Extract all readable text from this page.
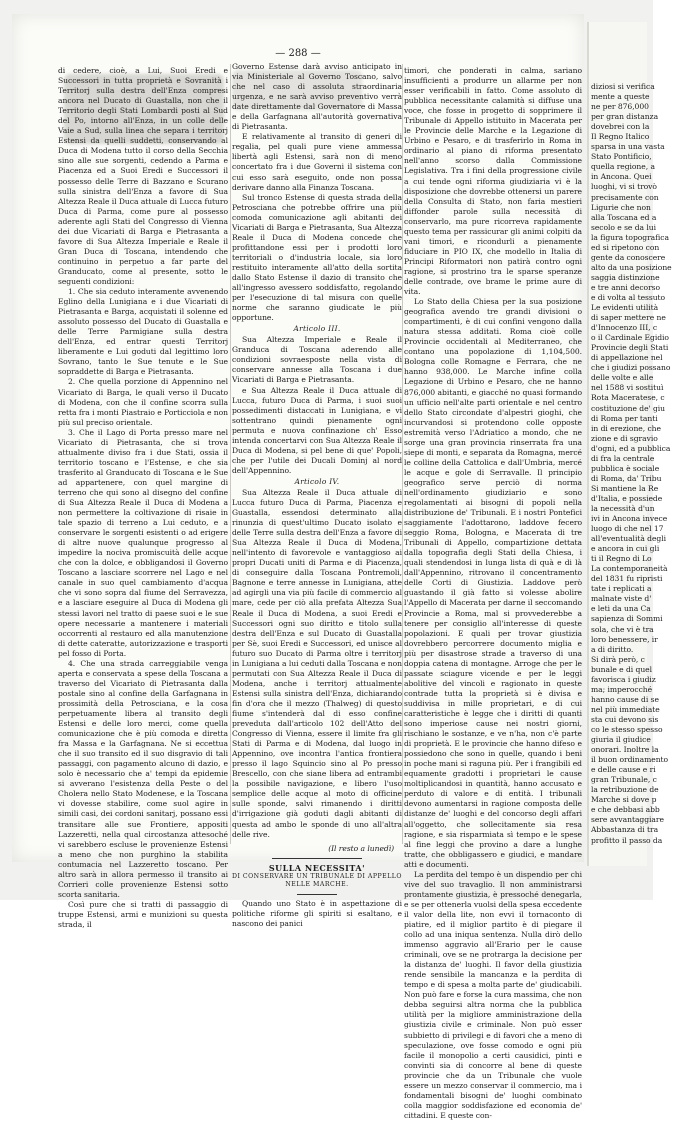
— 288 —

di cedere, cioè, a Lui, Suoi Eredi e Successori in tutta proprietà e Sovranità i Territorj sulla destra dell'Enza compresi ancora nel Ducato di Guastalla, non che il Territorio degli Stati Lombardi posti al Sud del Po, intorno all'Enza, in un colle delle Vaie a Sud, sulla linea che separa i territorj Estensi da quelli suddetti, conservando al Duca di Modena tutto il corso della Secchia sino alle sue sorgenti, cedendo a Parma e Piacenza ed a Suoi Eredi e Successori il possesso delle Terre di Bazzano e Scurano sulla sinistra dell'Enza a favore di Sua Altezza Reale il Duca attuale di Lucca futuro Duca di Parma, come pure al possesso aderente agli Stati del Congresso di Vienna dei due Vicariati di Barga e Pietrasanta a favore di Sua Altezza Imperiale e Reale il Gran Duca di Toscana, intendendo che continuino in perpetuo a far parte del Granducato, come al presente, sotto le seguenti condizioni:

1. Che sia ceduto interamente avvenendo Eglino della Lunigiana e i due Vicariati di Pietrasanta e Barga, acquistati il solenne ed assoluto possesso del Ducato di Guastalla e delle Terre Parmigiane sulla destra dell'Enza, ed entrar questi Territorj liberamente e Lui goduti dal legittimo loro Sovrano, tanto le Sue tenute e le Sue sopraddette di Barga e Pietrasanta.

2. Che quella porzione di Appennino nel Vicariato di Barga, le quali verso il Ducato di Modena, con che il confine scorra sulla retta fra i monti Piastraio e Porticciola e non più sul preciso orientale.

3. Che il Lago di Porta presso mare nel Vicariato di Pietrasanta, che si trova attualmente diviso fra i due Stati, ossia il territorio toscano e l'Estense, e che sia trasferito al Granducato di Toscana e le Sue ad appartenere, con quel margine di terreno che qui sono al disegno del confine di Sua Altezza Reale il Duca di Modena a non permettere la coltivazione di risaie in tale spazio di terreno a Lui ceduto, e a conservare le sorgenti esistenti o ad erigere di altre nuove qualunque progresso al impedire la nociva promiscuità delle acque che con la dolce, e obbligandosi il Governo Toscano a lasciare scorrere nel Lago e nel canale in suo quel cambiamento d'acqua che vi sono sopra dal fiume del Serravezza, e a lasciare eseguire al Duca di Modena gli stessi lavori nel tratto di paese suoi e le sue opere necessarie a mantenere i materiali occorrenti al restauro ed alla manutenzione di dette cateratte, autorizzazione e trasporti pel fosso di Porta.

4. Che una strada carreggiabile venga aperta e conservata a spese della Toscana a traverso del Vicariato di Pietrasanta dalla postale sino al confine della Garfagnana in prossimità della Petrosciana, e la cosa perpetuamente libera al transito degli Estensi e delle loro merci, come quella comunicazione che è più comoda e diretta fra Massa e la Garfagnana. Ne si eccettua che il suo transito ed il suo disgravio di tali passaggi, con pagamento alcuno di dazio, e solo è necessario che a' tempi da epidemie si avverano l'esistenza della Peste o del Cholera nello Stato Modenese, e la Toscana vi dovesse stabilire, come suol agire in simili casi, dei cordoni sanitarj, possano essi transitare alle sue Frontiere, appositi Lazzeretti, nella qual circostanza attesoché vi sarebbero escluse le provenienze Estensi a meno che non purghino la stabilita contumacia nel Lazzeretto toscano. Per altro sarà in allora permesso il transito ai Corrieri colle provenienze Estensi sotto scorta sanitaria.

Così pure che si tratti di passaggio di truppe Estensi, armi e munizioni su questa strada, il

Governo Estense darà avviso anticipato in via Ministeriale al Governo Toscano, salvo che nel caso di assoluta straordinaria urgenza, e ne sarà avviso preventivo verrà date direttamente dal Governatore di Massa e della Garfagnana all'autorità governativa di Pietrasanta.

E relativamente al transito di generi di regalia, pel quali pure viene ammessa libertà agli Estensi, sarà non di meno concertato fra i due Governi il sistema con cui esso sarà eseguito, onde non possa derivare danno alla Finanza Toscana.

Sul tronco Estense di questa strada della Petrosciana che potrebbe offrire una più comoda comunicazione agli abitanti dei Vicariati di Barga e Pietrasanta, Sua Altezza Reale il Duca di Modena concede che profittandone essi per i prodotti loro territoriali o d'industria locale, sia loro restituito interamente all'atto della sortita dallo Stato Estense il dazio di transito che all'ingresso avessero soddisfatto, regolando per l'esecuzione di tal misura con quelle norme che saranno giudicate le più opportune.

Articolo III.

Sua Altezza Imperiale e Reale il Granduca di Toscana aderendo alle condizioni sovraesposte nella vista di conservare annesse alla Toscana i due Vicariati di Barga e Pietrasanta.

e Sua Altezza Reale il Duca attuale di Lucca, futuro Duca di Parma, i suoi suoi possedimenti distaccati in Lunigiana, e vi sottentrano quindi pienamente ogni permuta e nuova confinazione ch' Esso intenda concertarvi con Sua Altezza Reale il Duca di Modena, si pel bene di que' Popoli, che per l'utile dei Ducali Dominj al nord dell'Appennino.

Articolo IV.

Sua Altezza Reale il Duca attuale di Lucca futuro Duca di Parma, Piacenza e Guastalla, essendosi determinato alla rinunzia di quest'ultimo Ducato isolato e delle Terre sulla destra dell'Enza a favore di Sua Altezza Reale il Duca di Modena, nell'intento di favorevole e vantaggioso ai propri Ducati uniti di Parma e di Piacenza, di conseguire dalla Toscana Pontremoli, Bagnone e terre annesse in Lunigiana, atte ad agirgli una via più facile di commercio al mare, cede per ciò alla prefata Altezza Sua Reale il Duca di Modena, a suoi Eredi e Successori ogni suo diritto e titolo sulla destra dell'Enza e sul Ducato di Guastalla per Sè, suoi Eredi e Successori, ed unisce al futuro suo Ducato di Parma oltre i territorj in Lunigiana a lui ceduti dalla Toscana e non permutati con Sua Altezza Reale il Duca di Modena, anche i territorj attualmente Estensi sulla sinistra dell'Enza, dichiarando fin d'ora che il mezzo (Thalweg) di questo fiume s'intenderà dal di esso confine preveduta dall'articolo 102 dell'Atto del Congresso di Vienna, essere il limite fra gli Stati di Parma e di Modena, dal luogo in Appennino, ove incontra l'antica frontiera presso il lago Squincio sino al Po presso Brescello, con che siane libera ad entrambi la possibile navigazione, e libero l'uso semplice delle acque al moto di officine sulle sponde, salvi rimanendo i diritti d'irrigazione già goduti dagli abitanti di questa ad ambo le sponde di uno all'altra delle rive.

(Il resto a lunedì)

SULLA NECESSITA'

DI CONSERVARE UN TRIBUNALE DI APPELLO NELLE MARCHE.

Quando uno Stato è in aspettazione di politiche riforme gli spiriti si esaltano, e nascono dei panici

timori, che ponderati in calma, sariano insufficienti a produrre un allarme per non esser verificabili in fatto. Come assoluto di pubblica necessitante calamità si diffuse una voce, che fosse in progetto di sopprimere il Tribunale di Appello istituito in Macerata per le Provincie delle Marche e la Legazione di Urbino e Pesaro, e di trasferirlo in Roma in ordinario al piano di riforma presentato nell'anno scorso dalla Commissione Legislativa. Tra i fini della progressione civile a cui tende ogni riforma giudiziaria vi è la disposizione che dovrebbe ottenersi un parere della Consulta di Stato, non faria mestieri diffonder parole sulla necessità di conservarlo, ma pure ricorreva rapidamente questo tema per rassicurar gli animi colpiti da vani timori, e ricondurli a pienamente fiduciare in PIO IX, che modello in Italia di Principi Riformatori non patirà contro ogni ragione, si prostrino tra le sparse speranze delle contrade, ove brame le prime aure di vita.

Lo Stato della Chiesa per la sua posizione geografica avendo tre grandi divisioni o compartimenti, è di cui confini vengono dalla natura stessa additati. Roma cioè colle Provincie occidentali al Mediterraneo, che contano una popolazione di 1,104,500. Bologna colle Romagne e Ferrara, che ne hanno 938,000. Le Marche infine colla Legazione di Urbino e Pesaro, che ne hanno 876,000 abitanti, e giacché no quasi formando un ufficio nell'alte parti orientale e nel centro dello Stato circondate d'alpestri gioghi, che incurvandosi si protendono colle opposte estremità verso l'Adriatico a mondo, che ne sorge una gran provincia rinserrata fra una siepe di monti, e separata da Romagna, mercé le colline della Cattolica e dall'Umbria, mercé le acque e gole di Serravalle. Il principio geografico serve perciò di norma nell'ordinamento giudiziario e sono regolamentati ai bisogni di popoli nella distribuzione de' Tribunali. E i nostri Pontefici saggiamente l'adottarono, laddove fecero seggio Roma, Bologna, e Macerata di tre Tribunali di Appello, compartizione dettata dalla topografia degli Stati della Chiesa, i quali stendendosi in lunga lista di quà e di là dall'Appennino, ritrovano il concentramento delle Corti di Giustizia. Laddove però guastando il già fatto si volesse abolire l'Appello di Macerata per darne il seccomando Provincie a Roma, mal si provvederebbe a tenere per consiglio all'interesse di queste popolazioni. E quali per trovar giustizia dovrebbero percorrere documento miglia e più per disastrose strade a traverso di una doppia catena di montagne. Arroge che per le passate sciagure vicende e per le leggi abolitive del vincoli e ragionato in queste contrade tutta la proprietà si è divisa e suddivisa in mille proprietari, e di cui caratteristiche è legge che i diritti di quanti sono imperiose cause nei nostri giorni, rischiano le sostanze, e ve n'ha, non c'è parte di proprietà. E le provincie che hanno difeso e possiedono che sono in quelle, quando i beni in poche mani si raguna più. Per i frangibili ed equamente gradotti i proprietari le cause moltiplicandosi in quantità, hanno accusato e perduto di valore e di entità. I tribunali devono aumentarsi in ragione composta delle distanze de' luoghi e del concorso degli affari all'oggetto, che sollecitamente sia resa ragione, e sia risparmiata sì tempo e le spese al fine leggi che provino a dare a lunghe tratte, che obbligassero e giudici, e mandare atti e documenti.

La perdita del tempo è un dispendio per chi vive del suo travaglio. Il non amministrarsi prontamente giustizia, è pressoché denegarla, e se per ottenerla vuolsi della spesa eccedente il valor della lite, non evvi il tornaconto di piatire, ed il miglior partito è di piegare il collo ad una iniqua sentenza. Nulla dirò dello immenso aggravio all'Erario per le cause criminali, ove se ne protrarga la decisione per la distanza de' luoghi. Il favor della giustizia rende sensibile la mancanza e la perdita di tempo e di spesa a molta parte de' giudicabili. Non può fare e forse la cura massima, che non debba seguirsi altra norma che la pubblica utilità per la migliore amministrazione della giustizia civile e criminale. Non può esser subbietto di privilegi e di favori che a meno di speculazione, ove fosse comodo e ogni più facile il monopolio a certi causidici, pinti e convinti sia di concorre al bene di queste provincie che da un Tribunale che vuole essere un mezzo conservar il commercio, ma i fondamentali bisogni de' luoghi combinato colla maggior soddisfazione ed economia de' cittadini. E queste con-

diziosi si verifica
mente a queste
ne per 876,000
per gran distanza
dovebrei con la
Il Regno Italico
sparsa in una vasta
Stato Pontificio,
quella regione, a
in Ancona. Quei
luoghi, vi si trovò
precisamente con
Ligurie che non
alla Toscana ed a
secolo e se da lui
la figura topografica
ed si ripetono con
gente da conoscere
alto da una posizione
saggia distinzione
e tre anni decorso
e di volta al tessuto
Le evidenti utilità
di saper mettere ne
d'Innocenzo III, c
o il Cardinale Egidio
Provincie degli Stati
di appellazione nel
che i giudizi possano
delle volte e alle
nel 1588 vi sostituì
Rota Maceratese, c
costituzione de' giu
di Roma per tanti
in di erezione, che
zione e di sgravio
d'ogni, ed a pubblica
di fra la centrale
pubblica è sociale
di Roma, da' Tribu
Si mantiene la Re
d'Italia, e possiede
la necessità d'un
ivi in Ancona invece
luogo di che nel 17
all'eventualità degli
e ancora in cui gli
ti il Regno di Lo
La contemporaneità
del 1831 fu ripristi
tate i replicati a
malnate viste d'
e leti da una Ca
sapienza di Sommi
sola, che vi è tra
loro benessere, ir
a di diritto.
Si dirà però, c
bunale e di quel
favorisca i giudiz
ma; imperocché
hanno cause di se
nel più immediate
sta cui devono sis
co le stesso spesso
giuria il giudice
onorari. Inoltre la
il buon ordinamento
e delle cause e ri
gran Tribunale, c
la retribuzione de
Marche si dove p
e che debbasi abb
sere avvantaggiare
Abbastanza di tra
profitto il passo da
